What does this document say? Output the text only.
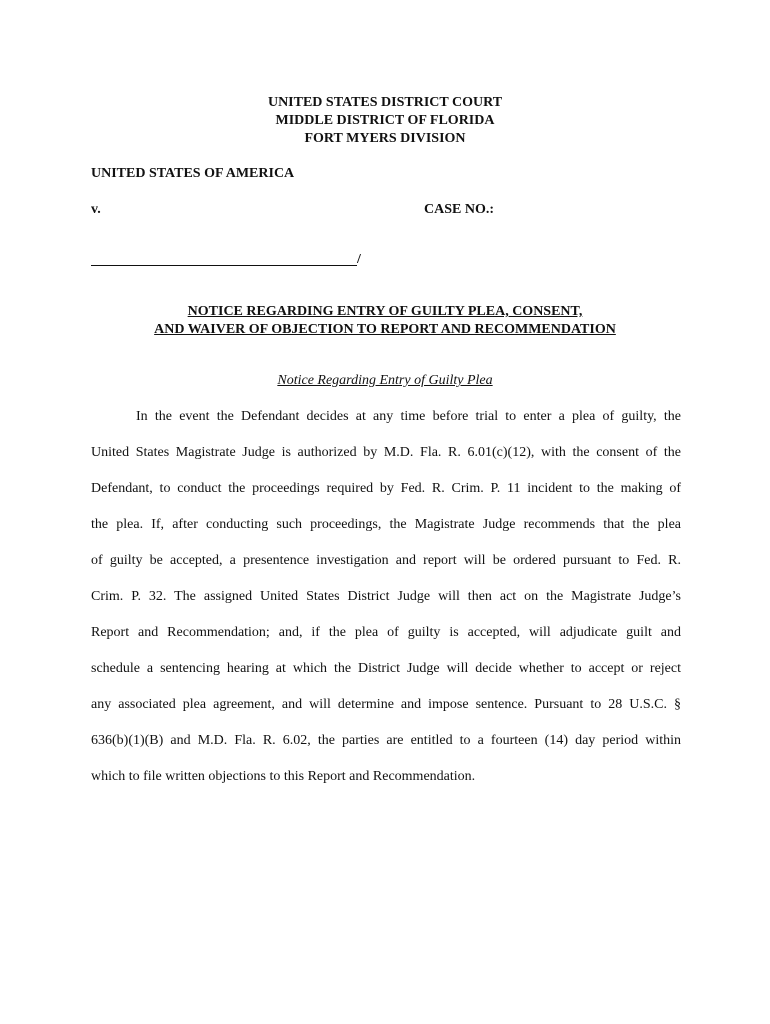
UNITED STATES DISTRICT COURT
MIDDLE DISTRICT OF FLORIDA
FORT MYERS DIVISION
UNITED STATES OF AMERICA
v.	CASE NO.:
/
NOTICE REGARDING ENTRY OF GUILTY PLEA, CONSENT,
AND WAIVER OF OBJECTION TO REPORT AND RECOMMENDATION
Notice Regarding Entry of Guilty Plea
In the event the Defendant decides at any time before trial to enter a plea of guilty, the
United States Magistrate Judge is authorized by M.D. Fla. R. 6.01(c)(12), with the consent of the
Defendant, to conduct the proceedings required by Fed. R. Crim. P. 11 incident to the making of
the plea. If, after conducting such proceedings, the Magistrate Judge recommends that the plea
of guilty be accepted, a presentence investigation and report will be ordered pursuant to Fed. R.
Crim. P. 32. The assigned United States District Judge will then act on the Magistrate Judge’s
Report and Recommendation; and, if the plea of guilty is accepted, will adjudicate guilt and
schedule a sentencing hearing at which the District Judge will decide whether to accept or reject
any associated plea agreement, and will determine and impose sentence. Pursuant to 28 U.S.C. §
636(b)(1)(B) and M.D. Fla. R. 6.02, the parties are entitled to a fourteen (14) day period within
which to file written objections to this Report and Recommendation.
